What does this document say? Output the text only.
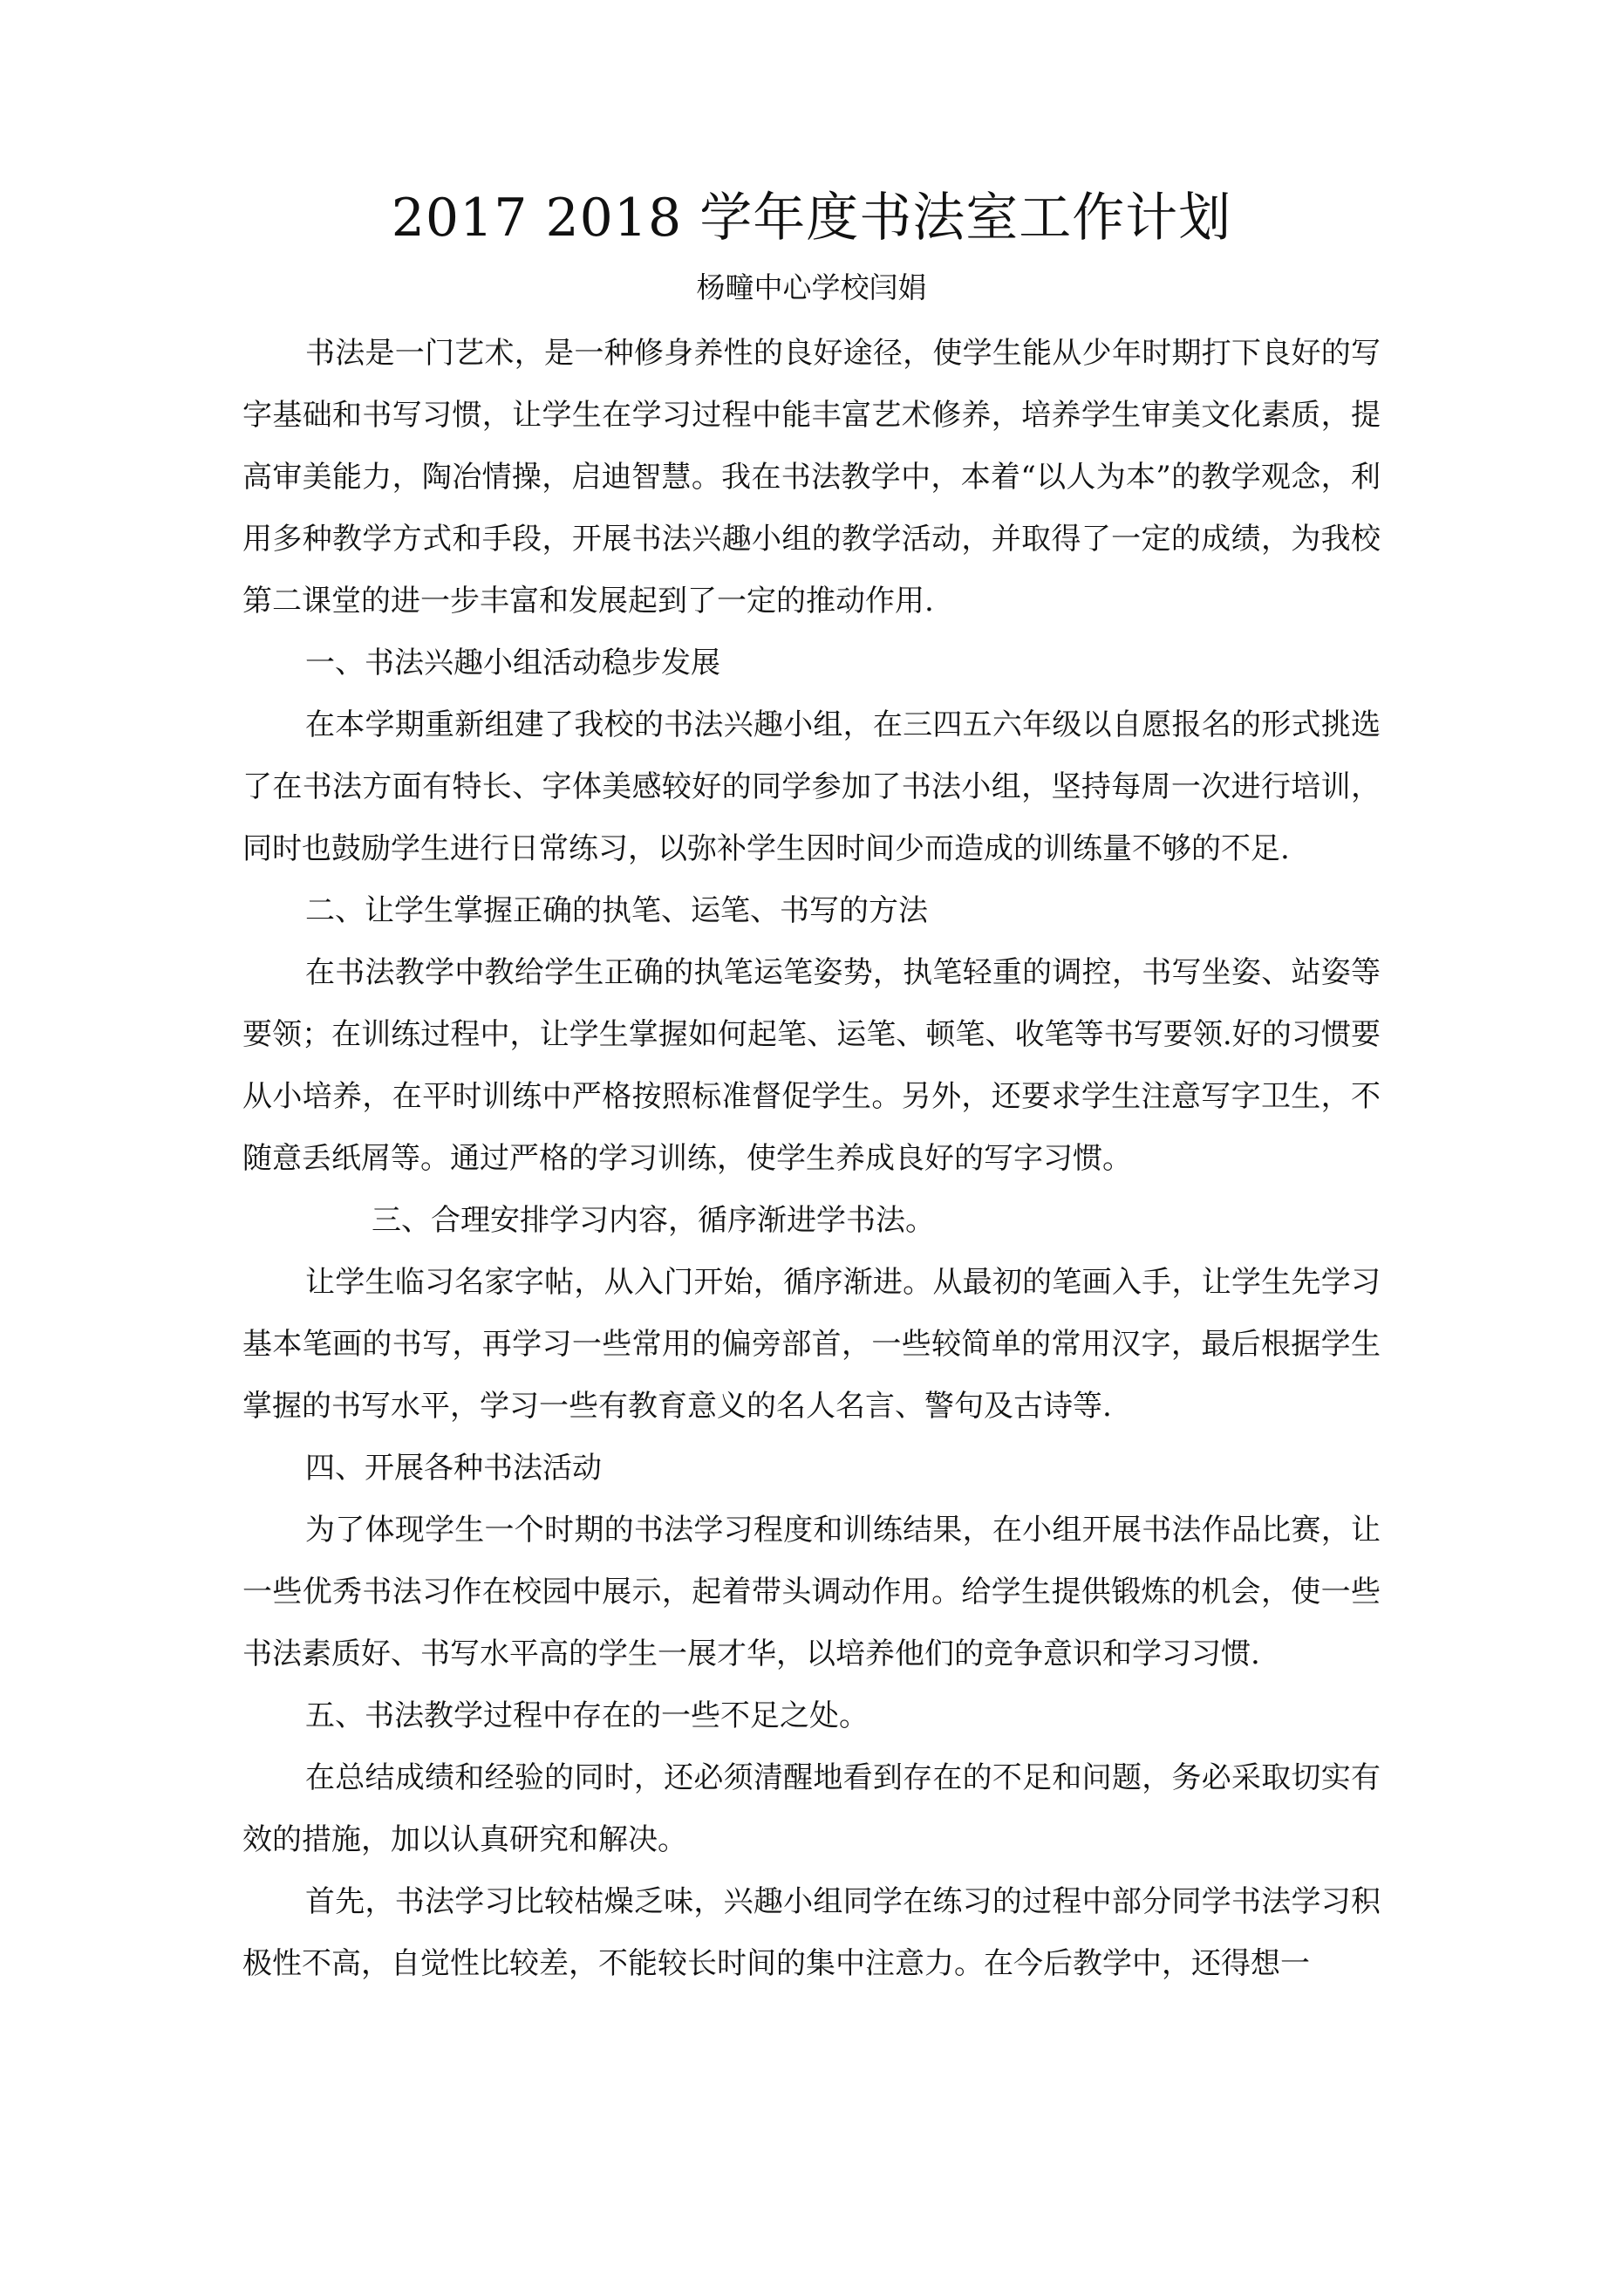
2017 2018 学年度书法室工作计划
杨疃中心学校闫娟

书法是一门艺术，是一种修身养性的良好途径，使学生能从少年时期打下良好的写字基础和书写习惯，让学生在学习过程中能丰富艺术修养，培养学生审美文化素质，提高审美能力，陶冶情操，启迪智慧。我在书法教学中，本着“以人为本”的教学观念，利用多种教学方式和手段，开展书法兴趣小组的教学活动，并取得了一定的成绩，为我校第二课堂的进一步丰富和发展起到了一定的推动作用.

一、书法兴趣小组活动稳步发展

在本学期重新组建了我校的书法兴趣小组，在三四五六年级以自愿报名的形式挑选了在书法方面有特长、字体美感较好的同学参加了书法小组，坚持每周一次进行培训，同时也鼓励学生进行日常练习，以弥补学生因时间少而造成的训练量不够的不足.

二、让学生掌握正确的执笔、运笔、书写的方法

在书法教学中教给学生正确的执笔运笔姿势，执笔轻重的调控，书写坐姿、站姿等要领；在训练过程中，让学生掌握如何起笔、运笔、顿笔、收笔等书写要领.好的习惯要从小培养，在平时训练中严格按照标准督促学生。另外，还要求学生注意写字卫生，不随意丢纸屑等。通过严格的学习训练，使学生养成良好的写字习惯。

三、合理安排学习内容，循序渐进学书法。

让学生临习名家字帖，从入门开始，循序渐进。从最初的笔画入手，让学生先学习基本笔画的书写，再学习一些常用的偏旁部首，一些较简单的常用汉字，最后根据学生掌握的书写水平，学习一些有教育意义的名人名言、警句及古诗等.

四、开展各种书法活动

为了体现学生一个时期的书法学习程度和训练结果，在小组开展书法作品比赛，让一些优秀书法习作在校园中展示，起着带头调动作用。给学生提供锻炼的机会，使一些书法素质好、书写水平高的学生一展才华，以培养他们的竞争意识和学习习惯.

五、书法教学过程中存在的一些不足之处。

在总结成绩和经验的同时，还必须清醒地看到存在的不足和问题，务必采取切实有效的措施，加以认真研究和解决。

首先，书法学习比较枯燥乏味，兴趣小组同学在练习的过程中部分同学书法学习积极性不高，自觉性比较差，不能较长时间的集中注意力。在今后教学中，还得想一
